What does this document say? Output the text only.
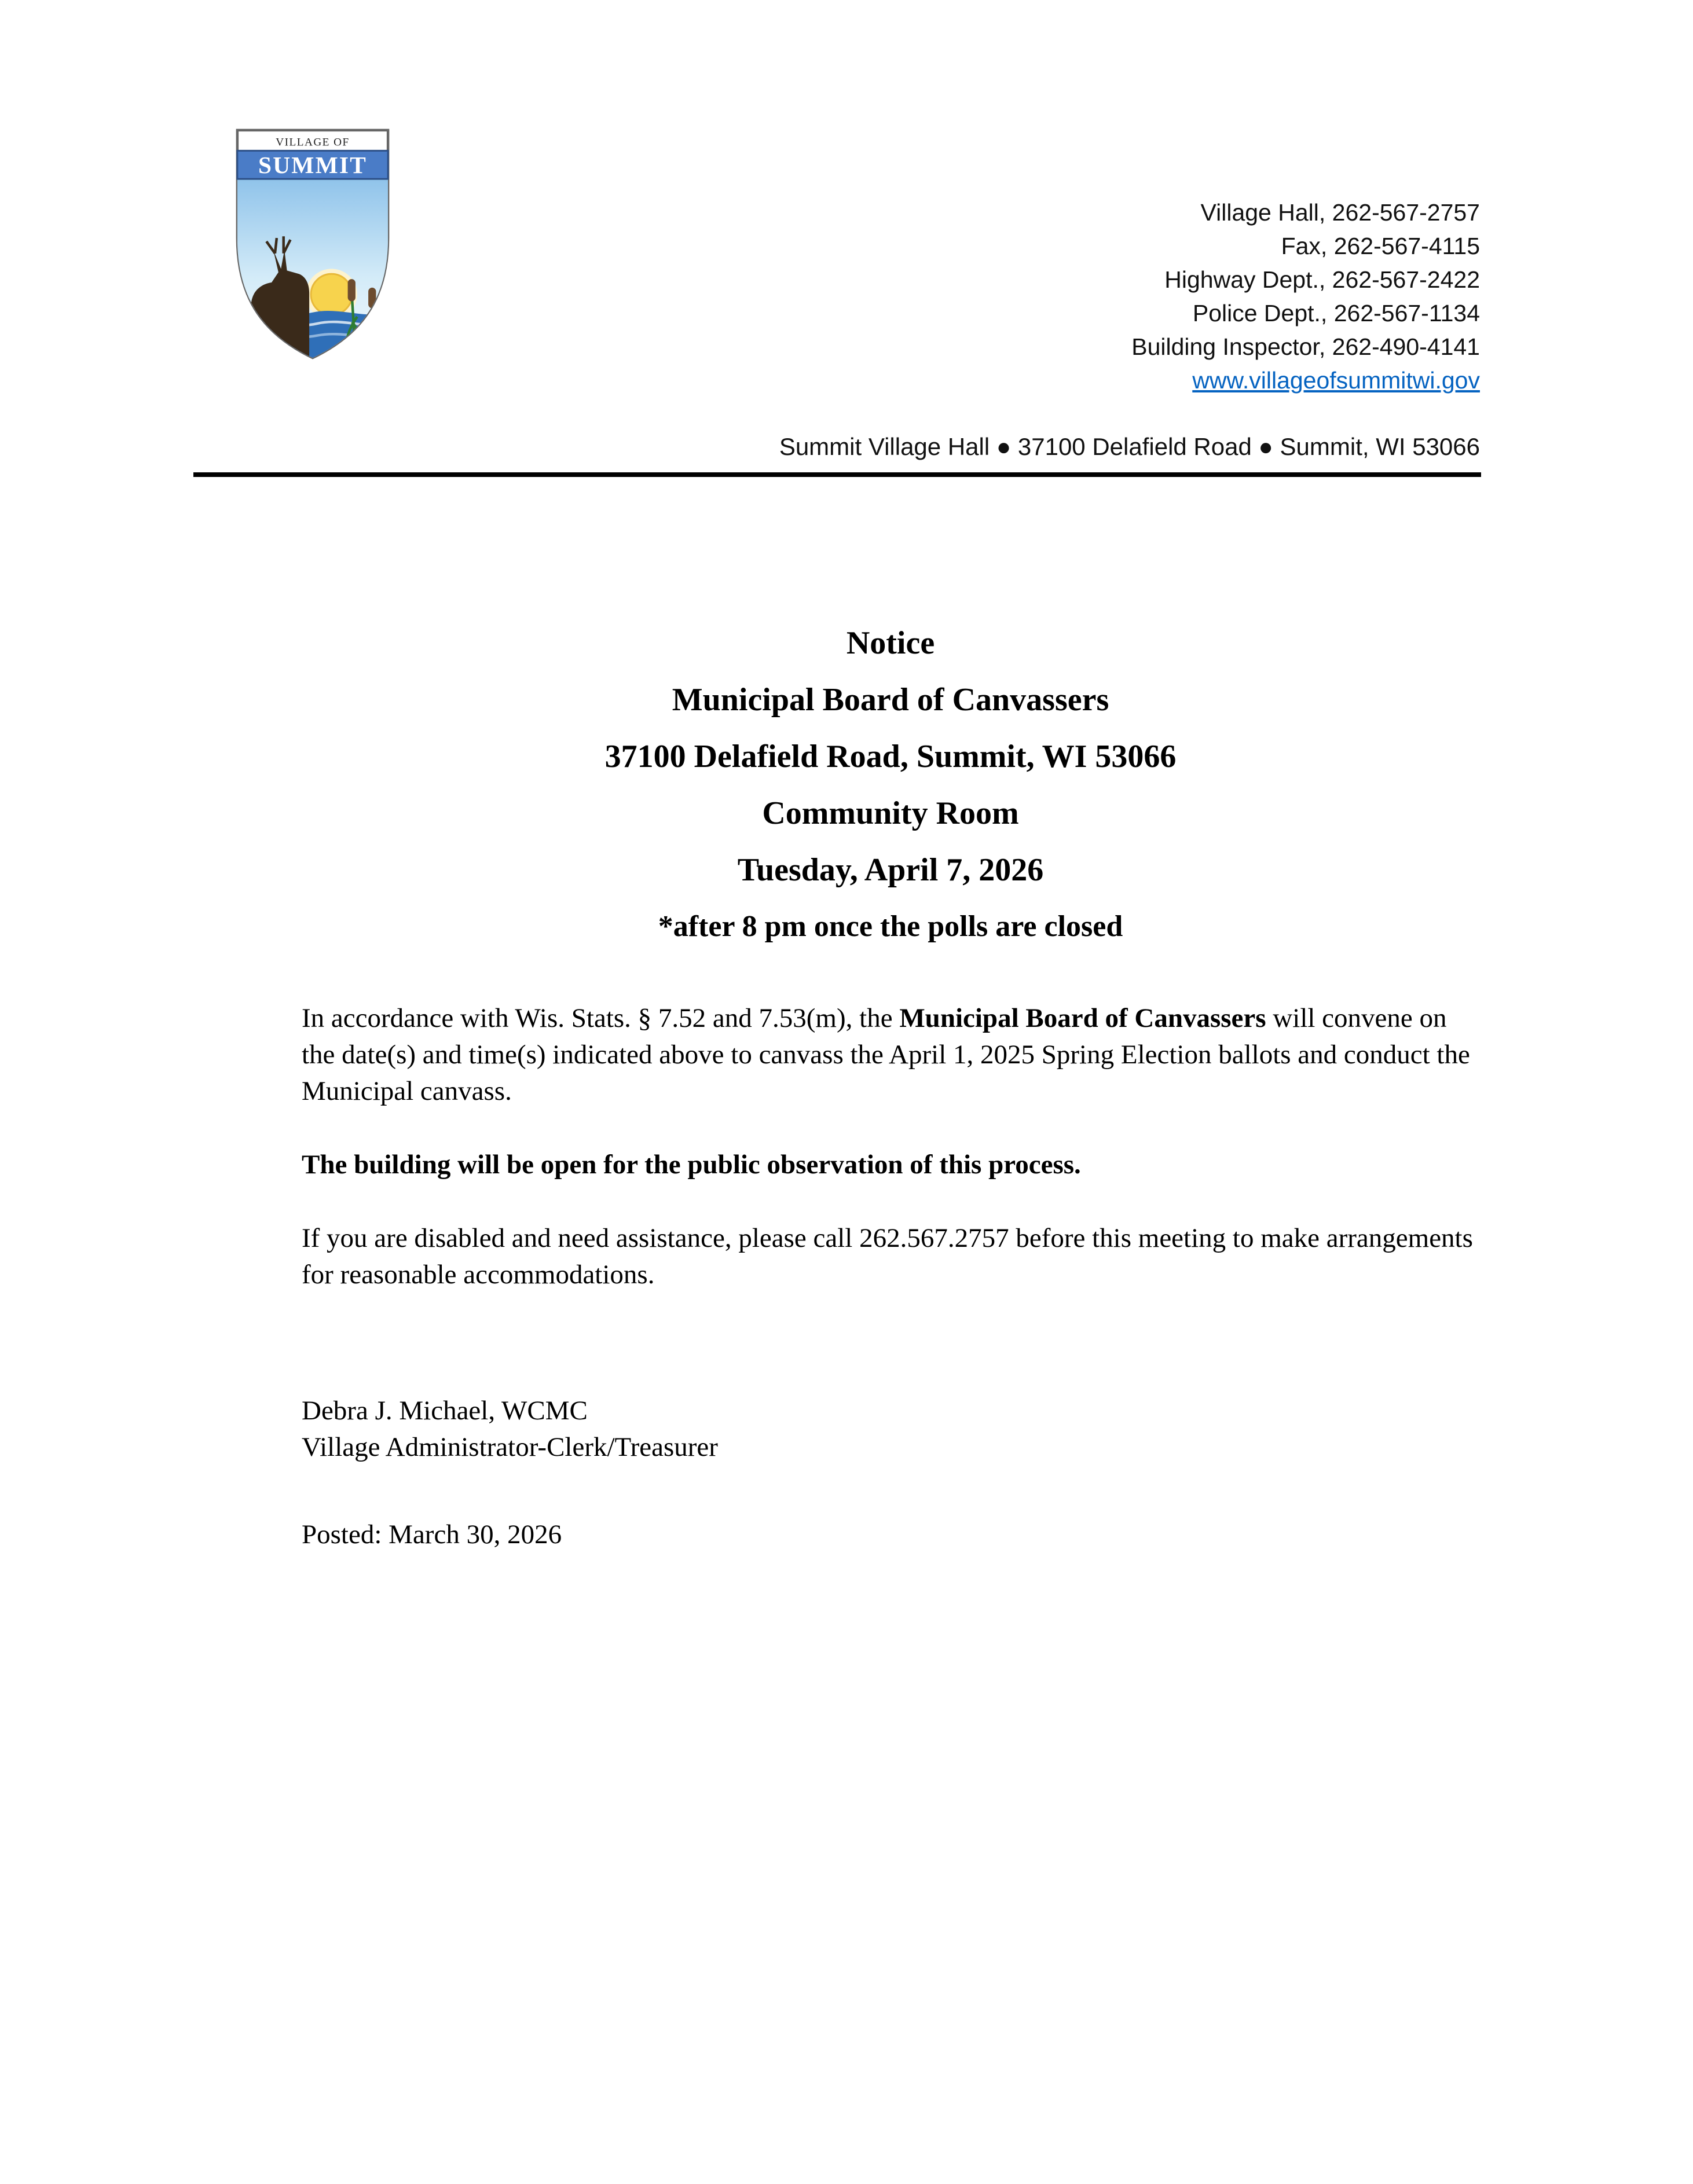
VILLAGE OF
SUMMIT
Village Hall, 262-567-2757
Fax, 262-567-4115
Highway Dept., 262-567-2422
Police Dept., 262-567-1134
Building Inspector, 262-490-4141
www.villageofsummitwi.gov
Summit Village Hall ● 37100 Delafield Road ● Summit, WI 53066
Notice
Municipal Board of Canvassers
37100 Delafield Road, Summit, WI 53066
Community Room
Tuesday, April 7, 2026
*after 8 pm once the polls are closed

In accordance with Wis. Stats. § 7.52 and 7.53(m), the Municipal Board of Canvassers will convene on the date(s) and time(s) indicated above to canvass the April 1, 2025 Spring Election ballots and conduct the Municipal canvass.

The building will be open for the public observation of this process.

If you are disabled and need assistance, please call 262.567.2757 before this meeting to make arrangements for reasonable accommodations.

Debra J. Michael, WCMC
Village Administrator-Clerk/Treasurer
Posted: March 30, 2026
